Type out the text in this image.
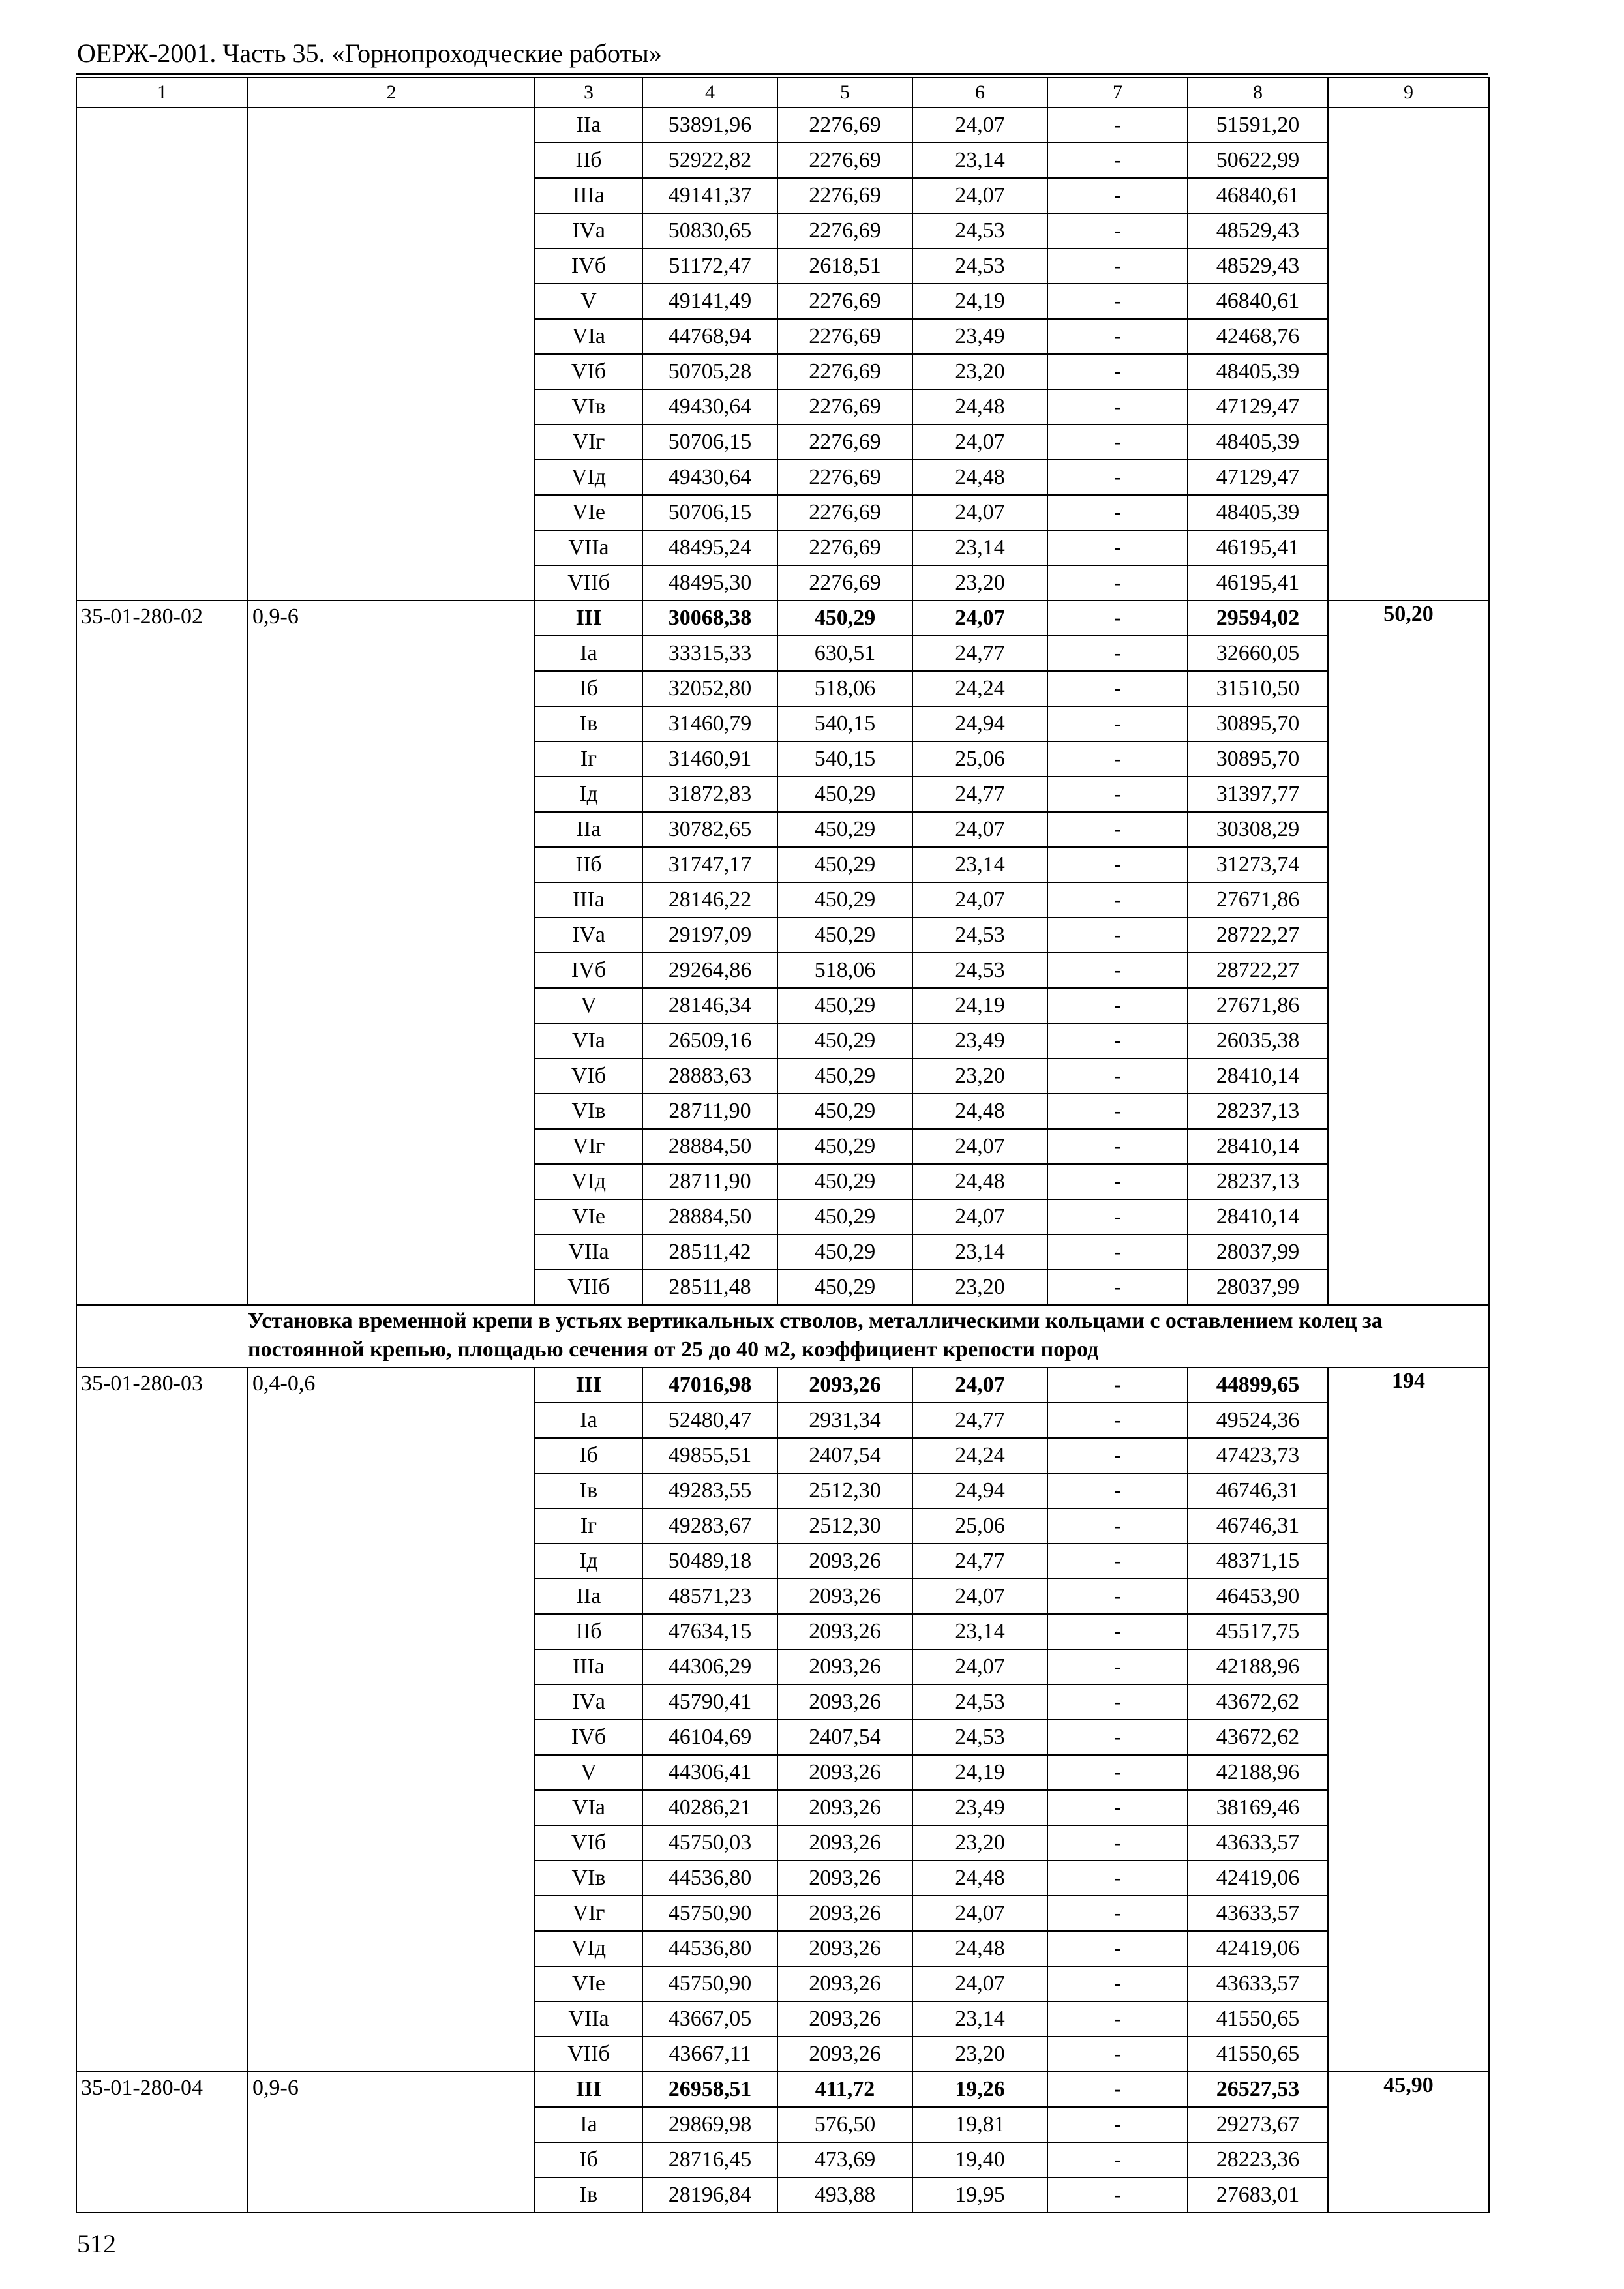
ОЕРЖ-2001. Часть 35. «Горнопроходческие работы»
1	2	3	4	5	6	7	8	9
		IIа	53891,96	2276,69	24,07	-	51591,20	
		IIб	52922,82	2276,69	23,14	-	50622,99	
		IIIа	49141,37	2276,69	24,07	-	46840,61	
		IVа	50830,65	2276,69	24,53	-	48529,43	
		IVб	51172,47	2618,51	24,53	-	48529,43	
		V	49141,49	2276,69	24,19	-	46840,61	
		VIа	44768,94	2276,69	23,49	-	42468,76	
		VIб	50705,28	2276,69	23,20	-	48405,39	
		VIв	49430,64	2276,69	24,48	-	47129,47	
		VIг	50706,15	2276,69	24,07	-	48405,39	
		VIд	49430,64	2276,69	24,48	-	47129,47	
		VIе	50706,15	2276,69	24,07	-	48405,39	
		VIIа	48495,24	2276,69	23,14	-	46195,41	
		VIIб	48495,30	2276,69	23,20	-	46195,41	
35-01-280-02	0,9-6	III	30068,38	450,29	24,07	-	29594,02	50,20
		Iа	33315,33	630,51	24,77	-	32660,05	
		Iб	32052,80	518,06	24,24	-	31510,50	
		Iв	31460,79	540,15	24,94	-	30895,70	
		Iг	31460,91	540,15	25,06	-	30895,70	
		Iд	31872,83	450,29	24,77	-	31397,77	
		IIа	30782,65	450,29	24,07	-	30308,29	
		IIб	31747,17	450,29	23,14	-	31273,74	
		IIIа	28146,22	450,29	24,07	-	27671,86	
		IVа	29197,09	450,29	24,53	-	28722,27	
		IVб	29264,86	518,06	24,53	-	28722,27	
		V	28146,34	450,29	24,19	-	27671,86	
		VIа	26509,16	450,29	23,49	-	26035,38	
		VIб	28883,63	450,29	23,20	-	28410,14	
		VIв	28711,90	450,29	24,48	-	28237,13	
		VIг	28884,50	450,29	24,07	-	28410,14	
		VIд	28711,90	450,29	24,48	-	28237,13	
		VIе	28884,50	450,29	24,07	-	28410,14	
		VIIа	28511,42	450,29	23,14	-	28037,99	
		VIIб	28511,48	450,29	23,20	-	28037,99	
	Установка временной крепи в устьях вертикальных стволов, металлическими кольцами с оставлением колец за постоянной крепью, площадью сечения от 25 до 40 м2, коэффициент крепости пород							
35-01-280-03	0,4-0,6	III	47016,98	2093,26	24,07	-	44899,65	194
		Iа	52480,47	2931,34	24,77	-	49524,36	
		Iб	49855,51	2407,54	24,24	-	47423,73	
		Iв	49283,55	2512,30	24,94	-	46746,31	
		Iг	49283,67	2512,30	25,06	-	46746,31	
		Iд	50489,18	2093,26	24,77	-	48371,15	
		IIа	48571,23	2093,26	24,07	-	46453,90	
		IIб	47634,15	2093,26	23,14	-	45517,75	
		IIIа	44306,29	2093,26	24,07	-	42188,96	
		IVа	45790,41	2093,26	24,53	-	43672,62	
		IVб	46104,69	2407,54	24,53	-	43672,62	
		V	44306,41	2093,26	24,19	-	42188,96	
		VIа	40286,21	2093,26	23,49	-	38169,46	
		VIб	45750,03	2093,26	23,20	-	43633,57	
		VIв	44536,80	2093,26	24,48	-	42419,06	
		VIг	45750,90	2093,26	24,07	-	43633,57	
		VIд	44536,80	2093,26	24,48	-	42419,06	
		VIе	45750,90	2093,26	24,07	-	43633,57	
		VIIа	43667,05	2093,26	23,14	-	41550,65	
		VIIб	43667,11	2093,26	23,20	-	41550,65	
35-01-280-04	0,9-6	III	26958,51	411,72	19,26	-	26527,53	45,90
		Iа	29869,98	576,50	19,81	-	29273,67	
		Iб	28716,45	473,69	19,40	-	28223,36	
		Iв	28196,84	493,88	19,95	-	27683,01	
512
